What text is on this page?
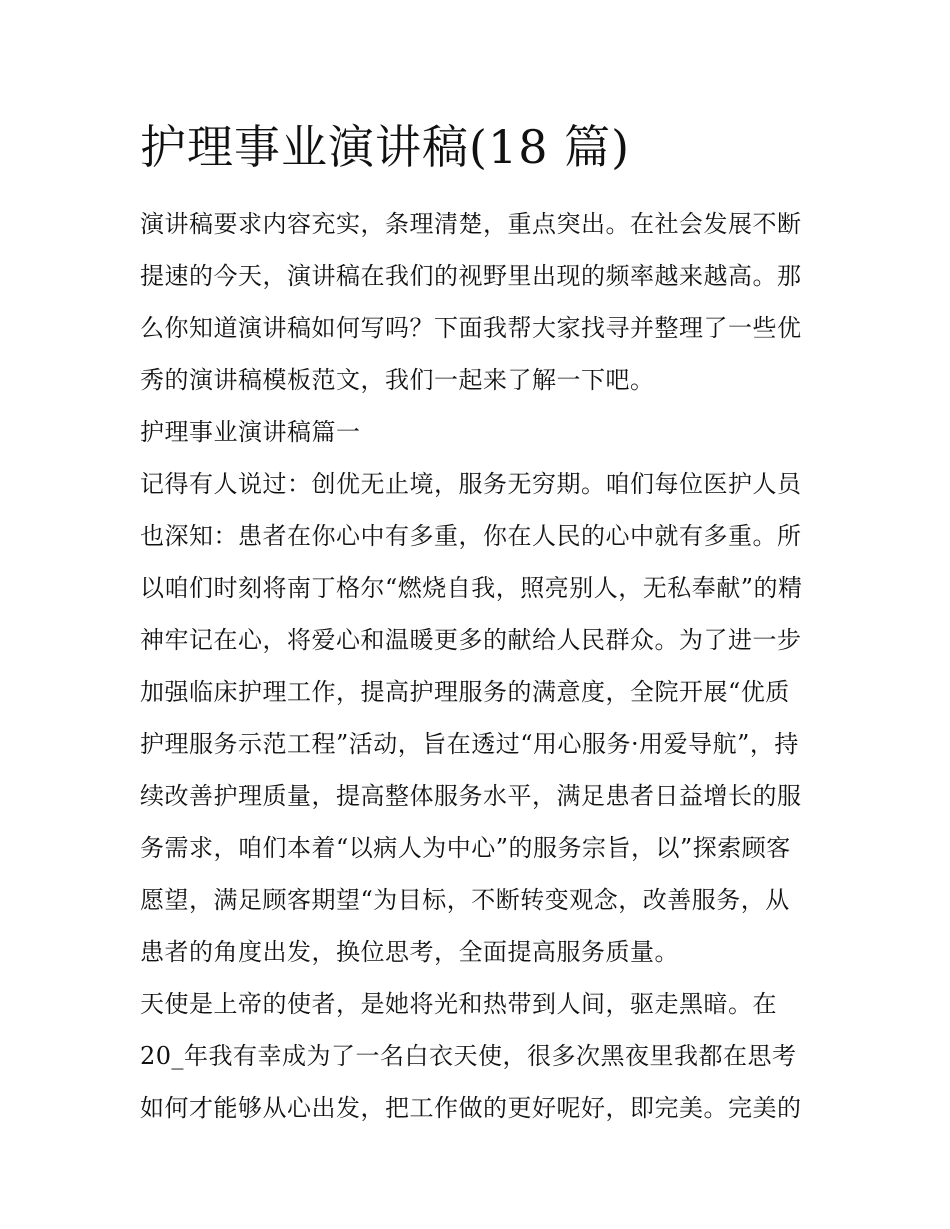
护理事业演讲稿(18 篇)
演讲稿要求内容充实，条理清楚，重点突出。在社会发展不断
提速的今天，演讲稿在我们的视野里出现的频率越来越高。那
么你知道演讲稿如何写吗？下面我帮大家找寻并整理了一些优
秀的演讲稿模板范文，我们一起来了解一下吧。
护理事业演讲稿篇一
记得有人说过：创优无止境，服务无穷期。咱们每位医护人员
也深知：患者在你心中有多重，你在人民的心中就有多重。所
以咱们时刻将南丁格尔“燃烧自我，照亮别人，无私奉献”的精
神牢记在心，将爱心和温暖更多的献给人民群众。为了进一步
加强临床护理工作，提高护理服务的满意度，全院开展“优质
护理服务示范工程”活动，旨在透过“用心服务·用爱导航”，持
续改善护理质量，提高整体服务水平，满足患者日益增长的服
务需求，咱们本着“以病人为中心”的服务宗旨，以”探索顾客
愿望，满足顾客期望“为目标，不断转变观念，改善服务，从
患者的角度出发，换位思考，全面提高服务质量。
天使是上帝的使者，是她将光和热带到人间，驱走黑暗。在
20_年我有幸成为了一名白衣天使，很多次黑夜里我都在思考
如何才能够从心出发，把工作做的更好呢好，即完美。完美的
